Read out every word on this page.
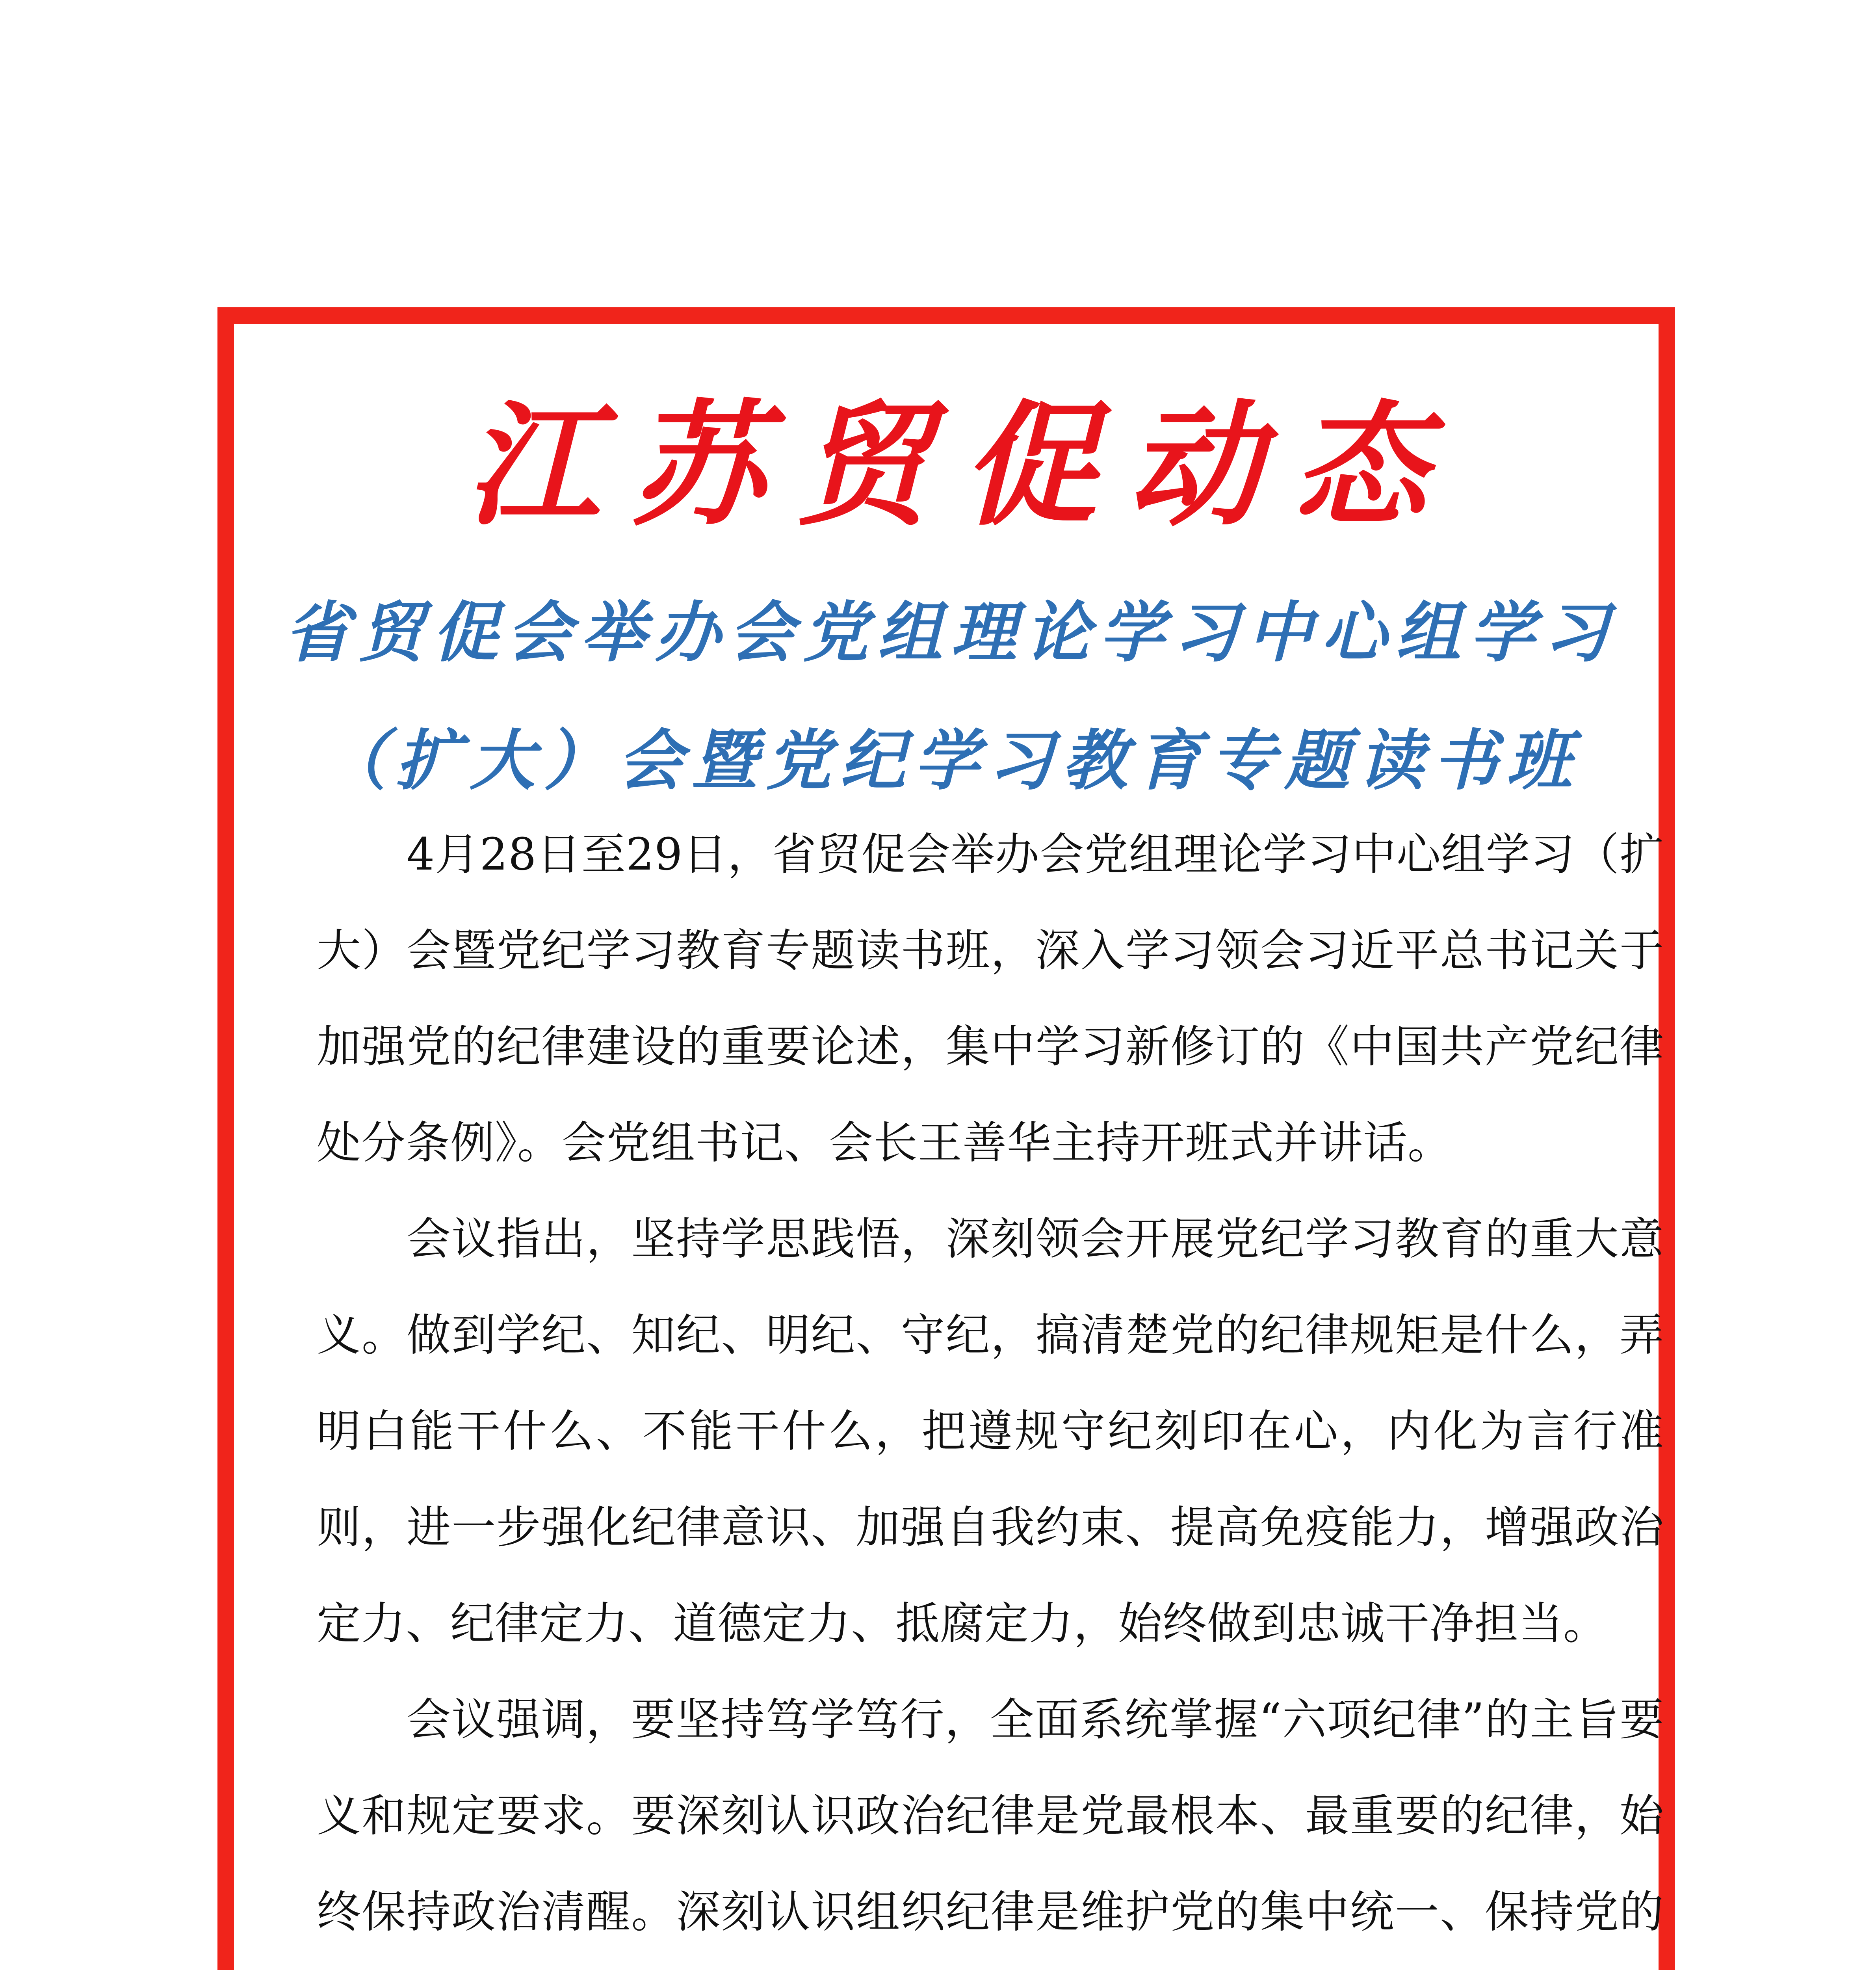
江苏贸促动态
省贸促会举办会党组理论学习中心组学习
（扩大）会暨党纪学习教育专题读书班

4月28日至29日，省贸促会举办会党组理论学习中心组学习（扩大）会暨党纪学习教育专题读书班，深入学习领会习近平总书记关于加强党的纪律建设的重要论述，集中学习新修订的《中国共产党纪律处分条例》。会党组书记、会长王善华主持开班式并讲话。

会议指出，坚持学思践悟，深刻领会开展党纪学习教育的重大意义。做到学纪、知纪、明纪、守纪，搞清楚党的纪律规矩是什么，弄明白能干什么、不能干什么，把遵规守纪刻印在心，内化为言行准则，进一步强化纪律意识、加强自我约束、提高免疫能力，增强政治定力、纪律定力、道德定力、抵腐定力，始终做到忠诚干净担当。

会议强调，要坚持笃学笃行，全面系统掌握“六项纪律”的主旨要义和规定要求。要深刻认识政治纪律是党最根本、最重要的纪律，始终保持政治清醒。深刻认识组织纪律是维护党的集中统一、保持党的
